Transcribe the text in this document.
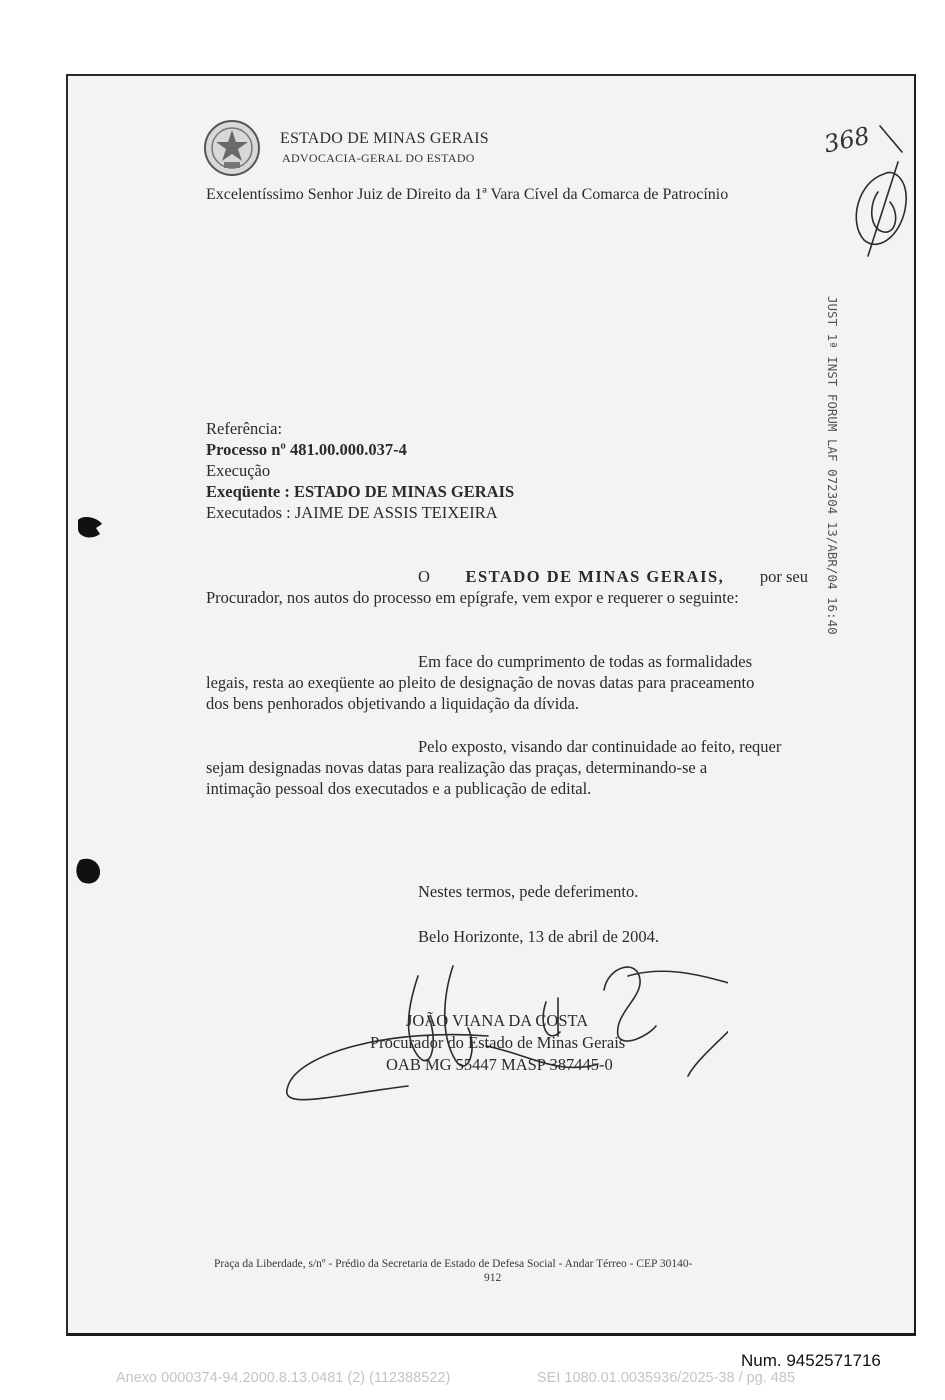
ESTADO DE MINAS GERAIS
ADVOCACIA-GERAL DO ESTADO
Excelentíssimo Senhor Juiz de Direito da 1ª Vara Cível da Comarca de Patrocínio
368
JUST 1ª INST FORUM LAF 072304 13/ABR/04 16:40
Referência:
Processo nº 481.00.000.037-4
Execução
Exeqüente : ESTADO DE MINAS GERAIS
Executados : JAIME DE ASSIS TEIXEIRA
O ESTADO DE MINAS GERAIS, por seu
Procurador, nos autos do processo em epígrafe, vem expor e requerer o seguinte:
Em face do cumprimento de todas as formalidades
legais, resta ao exeqüente ao pleito de designação de novas datas para praceamento
dos bens penhorados objetivando a liquidação da dívida.
Pelo exposto, visando dar continuidade ao feito, requer
sejam designadas novas datas para realização das praças, determinando-se a
intimação pessoal dos executados e a publicação de edital.
Nestes termos, pede deferimento.
Belo Horizonte, 13 de abril de 2004.
JOÃO VIANA DA COSTA
Procurador do Estado de Minas Gerais
OAB MG 55447 MASP 387445-0
Praça da Liberdade, s/nº - Prédio da Secretaria de Estado de Defesa Social - Andar Térreo - CEP 30140-
912
Num. 9452571716
Anexo 0000374-94.2000.8.13.0481 (2) (112388522)	SEI 1080.01.0035936/2025-38 / pg. 485
